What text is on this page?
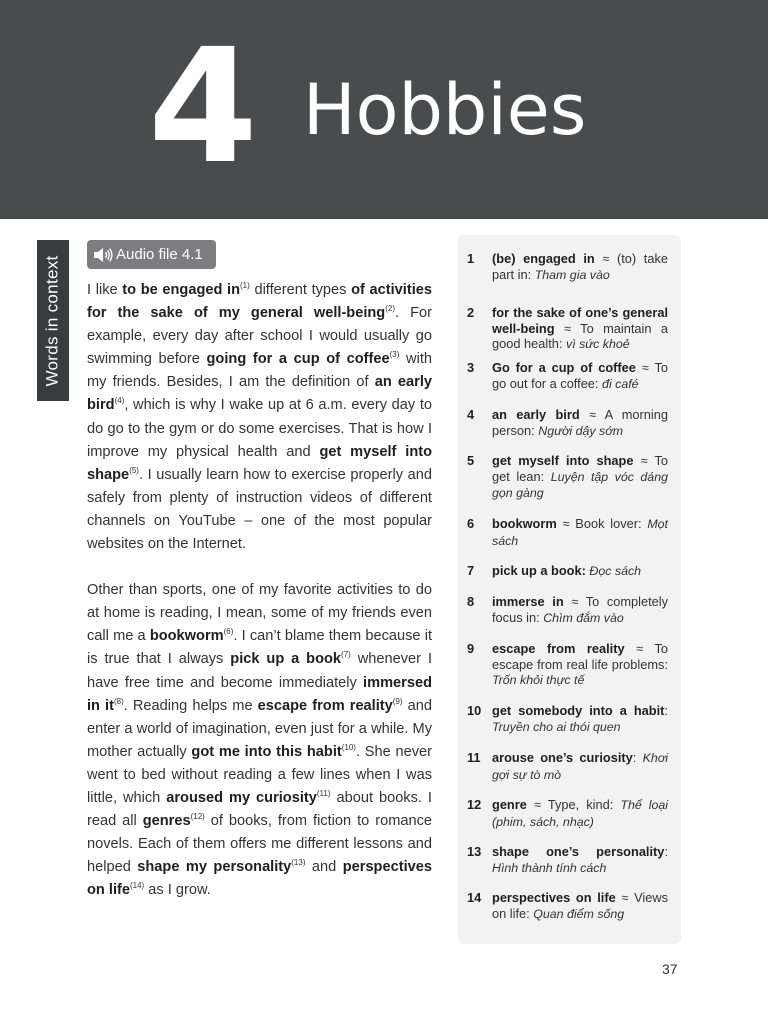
4 Hobbies
Words in context
Audio file 4.1

I like to be engaged $in^{(1)}$ different types of activities for the sake of my general well-being$^{(2)}$. For example, every day after school I would usually go swimming before going for a cup of coffee$^{(3)}$ with my friends. Besides, I am the definition of an early bird$^{(4)}$, which is why I wake up at 6 a.m. every day to do go to the gym or do some exercises. That is how I improve my physical health and get myself into shape$^{(5)}$. I usually learn how to exercise properly and safely from plenty of instruction videos of different channels on YouTube – one of the most popular websites on the Internet.

Other than sports, one of my favorite activities to do at home is reading, I mean, some of my friends even call me a bookworm$^{(6)}$. I can’t blame them because it is true that I always pick up a book$^{(7)}$ whenever I have free time and become immediately immersed in $it^{(8)}$. Reading helps me escape from reality$^{(9)}$ and enter a world of imagination, even just for a while. My mother actually got me into this habit$^{(10)}$. She never went to bed without reading a few lines when I was little, which aroused my curiosity$^{(11)}$ about books. I read all genres$^{(12)}$ of books, from fiction to romance novels. Each of them offers me different lessons and helped shape my personality$^{(13)}$ and perspectives on life$^{(14)}$ as I grow.

1	(be) engaged in ≈ (to) take part in: Tham gia vào
2	for the sake of one’s general well-being ≈ To maintain a good health: vì sức khoẻ
3	Go for a cup of coffee ≈ To go out for a coffee: đi café
4	an early bird ≈ A morning person: Người dậy sớm
5	get myself into shape ≈ To get lean: Luyện tập vóc dáng gọn gàng
6	bookworm ≈ Book lover: Mọt sách
7	pick up a book: Đọc sách
8	immerse in ≈ To completely focus in: Chìm đắm vào
9	escape from reality ≈ To escape from real life problems: Trốn khỏi thực tế
10 get somebody into a habit: Truyền cho ai thói quen
11 arouse one’s curiosity: Khơi gợi sự tò mò
12 genre ≈ Type, kind: Thể loại (phim, sách, nhạc)
13 shape one’s personality: Hình thành tính cách
14 perspectives on life ≈ Views on life: Quan điểm sống
37
